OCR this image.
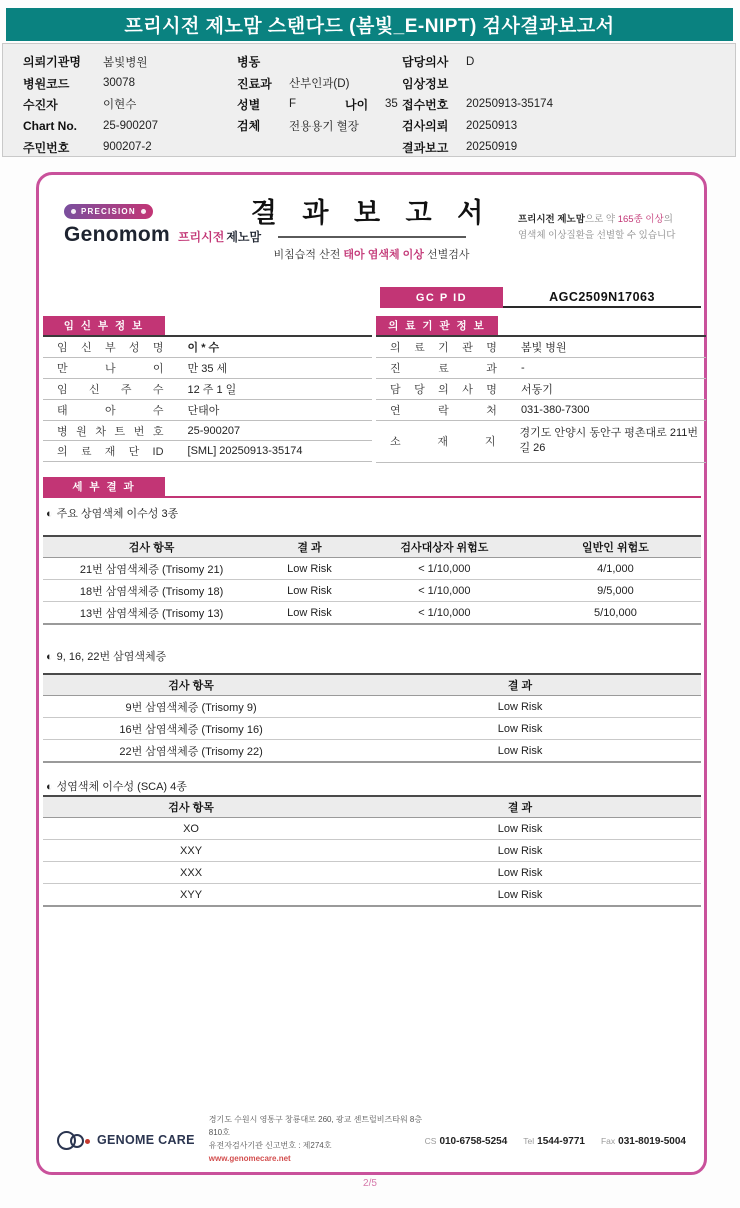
프리시전 제노맘 스탠다드 (봄빛_E-NIPT) 검사결과보고서
의뢰기관명	봄빛병원
병원코드	30078
수진자	이현수
Chart No.	25-900207
주민번호	900207-2
병동
진료과	산부인과(D)
성별	F	나이	35
검체	전용용기 혈장
담당의사	D
임상정보
접수번호	20250913-35174
검사의뢰	20250913
결과보고	20250919
PRECISION
Genomom 프리시전 제노맘
결 과 보 고 서
비침습적 산전 태아 염색체 이상 선별검사
프리시전 제노맘으로 약 165종 이상의
염색체 이상질환을 선별할 수 있습니다
GC P ID	AGC2509N17063
임 신 부 정 보
임 신 부 성 명	이 * 수
만 나 이	만 35 세
임 신 주 수	12 주 1 일
태 아 수	단태아
병 원 차 트 번 호	25-900207
의 료 재 단 ID	[SML] 20250913-35174
의 료 기 관 정 보
의 료 기 관 명	봄빛 병원
진 료 과	-
담 당 의 사 명	서동기
연 락 처	031-380-7300
소 재 지
경기도 안양시 동안구 평촌대로 211번길 26
세 부 결 과
◐ 주요 상염색체 이수성 3종
검사 항목	결 과	검사대상자 위험도	일반인 위험도
21번 삼염색체증 (Trisomy 21)	Low Risk	< 1/10,000	4/1,000
18번 삼염색체증 (Trisomy 18)	Low Risk	< 1/10,000	9/5,000
13번 삼염색체증 (Trisomy 13)	Low Risk	< 1/10,000	5/10,000
◐ 9, 16, 22번 삼염색체증
검사 항목	결 과
9번 삼염색체증 (Trisomy 9)	Low Risk
16번 삼염색체증 (Trisomy 16)	Low Risk
22번 삼염색체증 (Trisomy 22)	Low Risk
◐ 성염색체 이수성 (SCA) 4종
검사 항목	결 과
XO	Low Risk
XXY	Low Risk
XXX	Low Risk
XYY	Low Risk
GENOME CARE
경기도 수원시 영통구 창룡대로 260, 광교 센트럴비즈타워 8층 810호
유전자검사기관 신고번호 : 제274호
www.genomecare.net
CS 010-6758-5254 Tel 1544-9771 Fax 031-8019-5004
2/5
